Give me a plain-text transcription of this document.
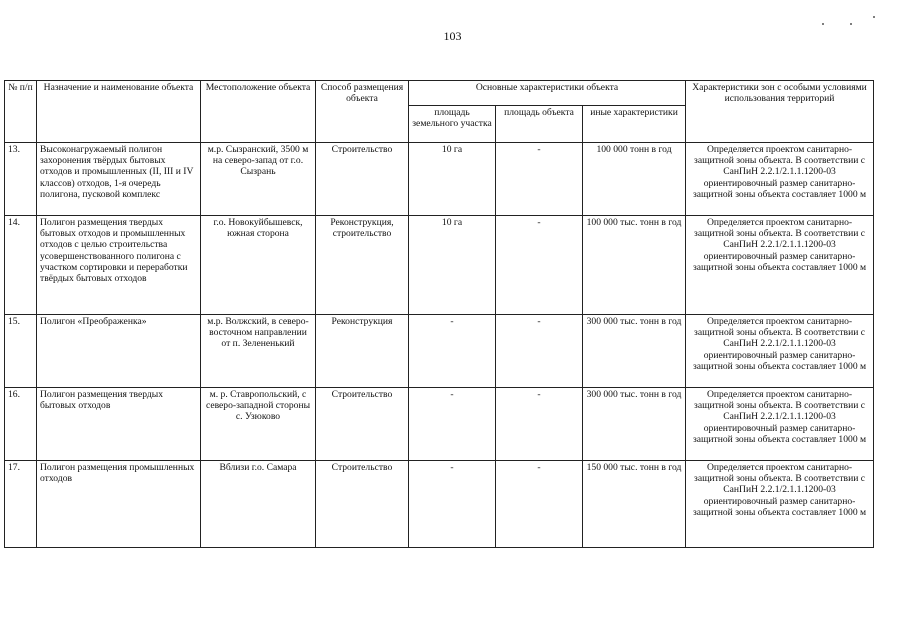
103
№ п/п	Назначение и наименование объекта	Местоположение объекта	Способ размещения объекта	Основные характеристики объекта			Характеристики зон с особыми условиями использования территорий
				площадь земельного участка	площадь объекта	иные характеристики	
13.	Высоконагружаемый полигон захоронения твёрдых бытовых отходов и промышленных (II, III и IV классов) отходов, 1-я очередь полигона, пусковой комплекс	м.р. Сызранский, 3500 м на северо-запад от г.о. Сызрань	Строительство	10 га	-	100 000 тонн в год	Определяется проектом санитарно-защитной зоны объекта. В соответствии с СанПиН 2.2.1/2.1.1.1200-03 ориентировочный размер санитарно-защитной зоны объекта составляет 1000 м
14.	Полигон размещения твердых бытовых отходов и промышленных отходов с целью строительства усовершенствованного полигона с участком сортировки и переработки твёрдых бытовых отходов	г.о. Новокуйбышевск, южная сторона	Реконструкция, строительство	10 га	-	100 000 тыс. тонн в год	Определяется проектом санитарно-защитной зоны объекта. В соответствии с СанПиН 2.2.1/2.1.1.1200-03 ориентировочный размер санитарно-защитной зоны объекта составляет 1000 м
15.	Полигон «Преображенка»	м.р. Волжский, в северо-восточном направлении от п. Зелененький	Реконструкция	-	-	300 000 тыс. тонн в год	Определяется проектом санитарно-защитной зоны объекта. В соответствии с СанПиН 2.2.1/2.1.1.1200-03 ориентировочный размер санитарно-защитной зоны объекта составляет 1000 м
16.	Полигон размещения твердых бытовых отходов	м. р. Ставропольский, с северо-западной стороны с. Узюково	Строительство	-	-	300 000 тыс. тонн в год	Определяется проектом санитарно-защитной зоны объекта. В соответствии с СанПиН 2.2.1/2.1.1.1200-03 ориентировочный размер санитарно-защитной зоны объекта составляет 1000 м
17.	Полигон размещения промышленных отходов	Вблизи г.о. Самара	Строительство	-	-	150 000 тыс. тонн в год	Определяется проектом санитарно-защитной зоны объекта. В соответствии с СанПиН 2.2.1/2.1.1.1200-03 ориентировочный размер санитарно-защитной зоны объекта составляет 1000 м
